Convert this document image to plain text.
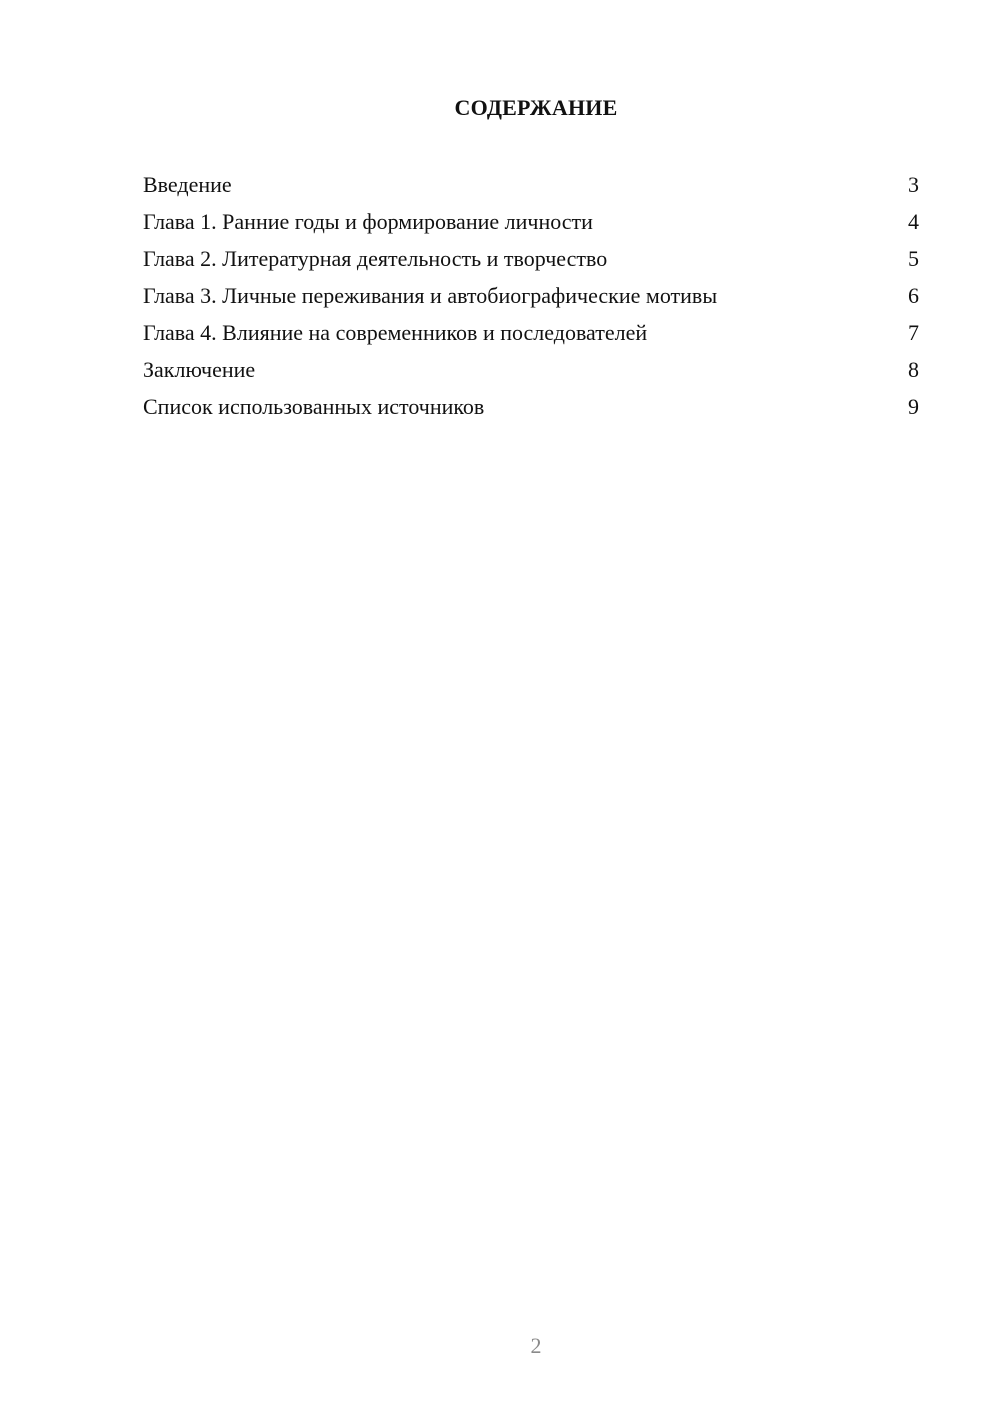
СОДЕРЖАНИЕ
Введение	3
Глава 1. Ранние годы и формирование личности	4
Глава 2. Литературная деятельность и творчество	5
Глава 3. Личные переживания и автобиографические мотивы	6
Глава 4. Влияние на современников и последователей	7
Заключение	8
Список использованных источников	9
2
